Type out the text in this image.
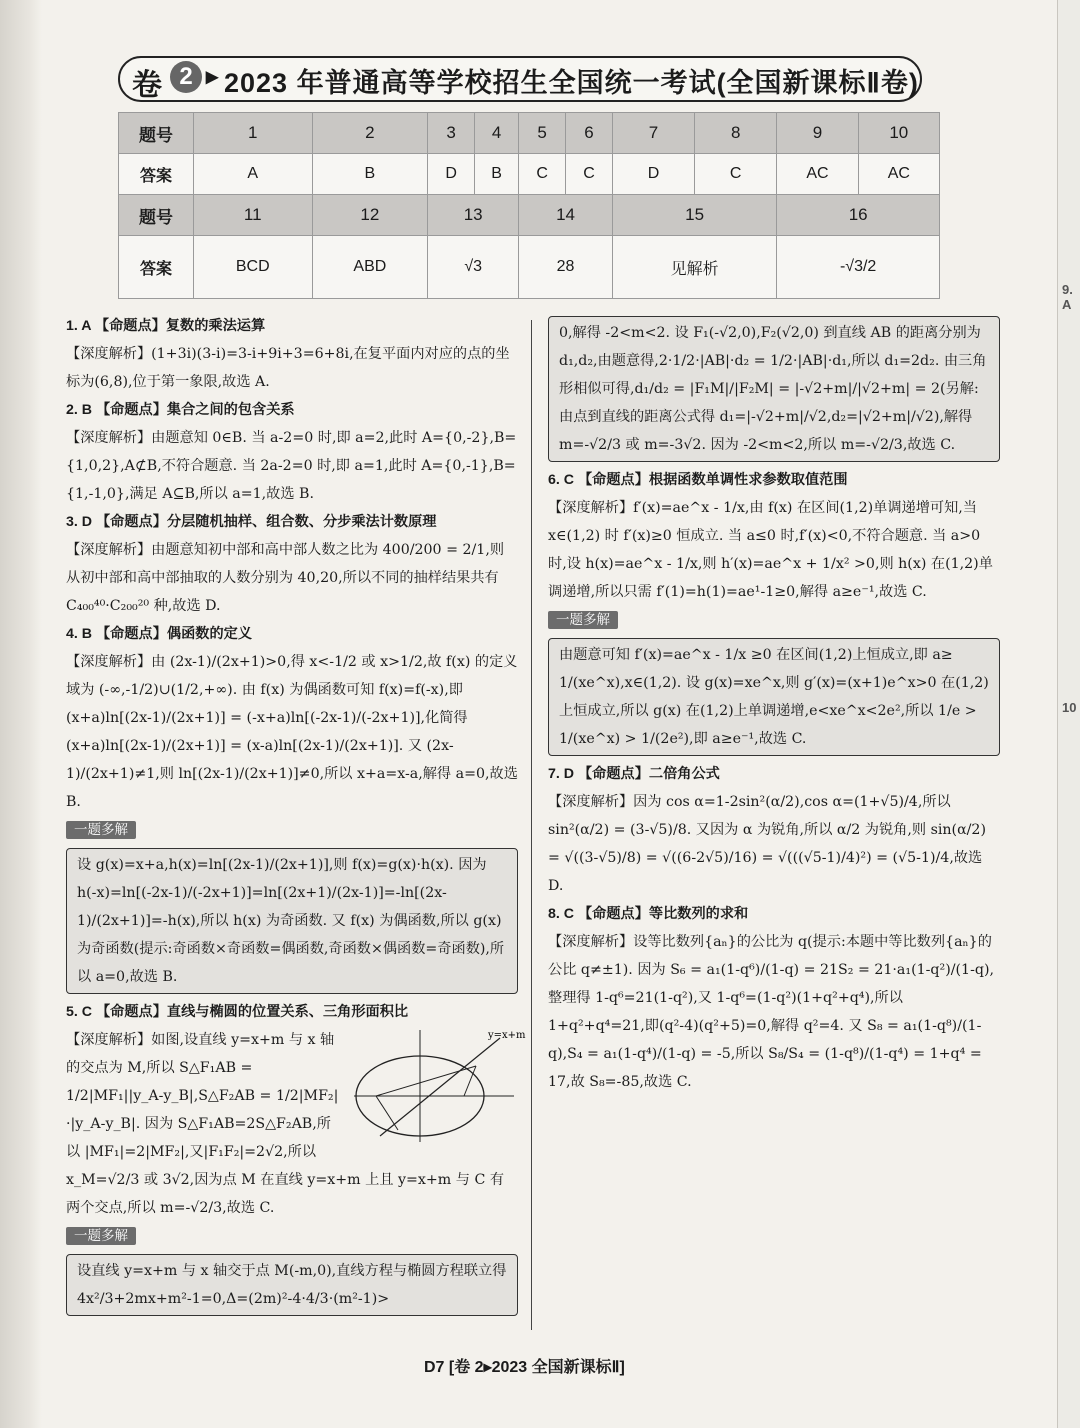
9. A
10
卷 2 ▸ 2023 年普通高等学校招生全国统一考试(全国新课标Ⅱ卷)
题号	1	2	3	4	5	6	7	8	9	10
答案	A	B	D	B	C	C	D	C	AC	AC
题号	11	12	13		14		15		16	
答案	BCD	ABD	√3		28		见解析		-√3/2	

1. A 【命题点】复数的乘法运算

【深度解析】(1+3i)(3-i)=3-i+9i+3=6+8i,在复平面内对应的点的坐标为(6,8),位于第一象限,故选 A.

2. B 【命题点】集合之间的包含关系

【深度解析】由题意知 0∈B. 当 a-2=0 时,即 a=2,此时 A={0,-2},B={1,0,2},A⊄B,不符合题意. 当 2a-2=0 时,即 a=1,此时 A={0,-1},B={1,-1,0},满足 A⊆B,所以 a=1,故选 B.

3. D 【命题点】分层随机抽样、组合数、分步乘法计数原理

【深度解析】由题意知初中部和高中部人数之比为 400/200 = 2/1,则从初中部和高中部抽取的人数分别为 40,20,所以不同的抽样结果共有 C₄₀₀⁴⁰·C₂₀₀²⁰ 种,故选 D.

4. B 【命题点】偶函数的定义

【深度解析】由 (2x-1)/(2x+1)>0,得 x<-1/2 或 x>1/2,故 f(x) 的定义域为 (-∞,-1/2)∪(1/2,+∞). 由 f(x) 为偶函数可知 f(x)=f(-x),即 (x+a)ln[(2x-1)/(2x+1)] = (-x+a)ln[(-2x-1)/(-2x+1)],化简得 (x+a)ln[(2x-1)/(2x+1)] = (x-a)ln[(2x-1)/(2x+1)]. 又 (2x-1)/(2x+1)≠1,则 ln[(2x-1)/(2x+1)]≠0,所以 x+a=x-a,解得 a=0,故选 B.

一题多解

设 g(x)=x+a,h(x)=ln[(2x-1)/(2x+1)],则 f(x)=g(x)·h(x). 因为 h(-x)=ln[(-2x-1)/(-2x+1)]=ln[(2x+1)/(2x-1)]=-ln[(2x-1)/(2x+1)]=-h(x),所以 h(x) 为奇函数. 又 f(x) 为偶函数,所以 g(x) 为奇函数(提示:奇函数×奇函数=偶函数,奇函数×偶函数=奇函数),所以 a=0,故选 B.

5. C 【命题点】直线与椭圆的位置关系、三角形面积比

y=x+m

【深度解析】如图,设直线 y=x+m 与 x 轴的交点为 M,所以 S△F₁AB = 1/2|MF₁||y_A-y_B|,S△F₂AB = 1/2|MF₂|·|y_A-y_B|. 因为 S△F₁AB=2S△F₂AB,所以 |MF₁|=2|MF₂|,又|F₁F₂|=2√2,所以 x_M=√2/3 或 3√2,因为点 M 在直线 y=x+m 上且 y=x+m 与 C 有两个交点,所以 m=-√2/3,故选 C.

一题多解

设直线 y=x+m 与 x 轴交于点 M(-m,0),直线方程与椭圆方程联立得 4x²/3+2mx+m²-1=0,Δ=(2m)²-4·4/3·(m²-1)>

0,解得 -2<m<2. 设 F₁(-√2,0),F₂(√2,0) 到直线 AB 的距离分别为 d₁,d₂,由题意得,2·1/2·|AB|·d₂ = 1/2·|AB|·d₁,所以 d₁=2d₂. 由三角形相似可得,d₁/d₂ = |F₁M|/|F₂M| = |-√2+m|/|√2+m| = 2(另解:由点到直线的距离公式得 d₁=|-√2+m|/√2,d₂=|√2+m|/√2),解得 m=-√2/3 或 m=-3√2. 因为 -2<m<2,所以 m=-√2/3,故选 C.

6. C 【命题点】根据函数单调性求参数取值范围

【深度解析】f′(x)=ae^x - 1/x,由 f(x) 在区间(1,2)单调递增可知,当 x∈(1,2) 时 f′(x)≥0 恒成立. 当 a≤0 时,f′(x)<0,不符合题意. 当 a>0 时,设 h(x)=ae^x - 1/x,则 h′(x)=ae^x + 1/x² >0,则 h(x) 在(1,2)单调递增,所以只需 f′(1)=h(1)=ae¹-1≥0,解得 a≥e⁻¹,故选 C.

一题多解

由题意可知 f′(x)=ae^x - 1/x ≥0 在区间(1,2)上恒成立,即 a≥ 1/(xe^x),x∈(1,2). 设 g(x)=xe^x,则 g′(x)=(x+1)e^x>0 在(1,2)上恒成立,所以 g(x) 在(1,2)上单调递增,e<xe^x<2e²,所以 1/e > 1/(xe^x) > 1/(2e²),即 a≥e⁻¹,故选 C.

7. D 【命题点】二倍角公式

【深度解析】因为 cos α=1-2sin²(α/2),cos α=(1+√5)/4,所以 sin²(α/2) = (3-√5)/8. 又因为 α 为锐角,所以 α/2 为锐角,则 sin(α/2) = √((3-√5)/8) = √((6-2√5)/16) = √(((√5-1)/4)²) = (√5-1)/4,故选 D.

8. C 【命题点】等比数列的求和

【深度解析】设等比数列{aₙ}的公比为 q(提示:本题中等比数列{aₙ}的公比 q≠±1). 因为 S₆ = a₁(1-q⁶)/(1-q) = 21S₂ = 21·a₁(1-q²)/(1-q),整理得 1-q⁶=21(1-q²),又 1-q⁶=(1-q²)(1+q²+q⁴),所以 1+q²+q⁴=21,即(q²-4)(q²+5)=0,解得 q²=4. 又 S₈ = a₁(1-q⁸)/(1-q),S₄ = a₁(1-q⁴)/(1-q) = -5,所以 S₈/S₄ = (1-q⁸)/(1-q⁴) = 1+q⁴ = 17,故 S₈=-85,故选 C.

D7 [卷 2▸2023 全国新课标Ⅱ]
